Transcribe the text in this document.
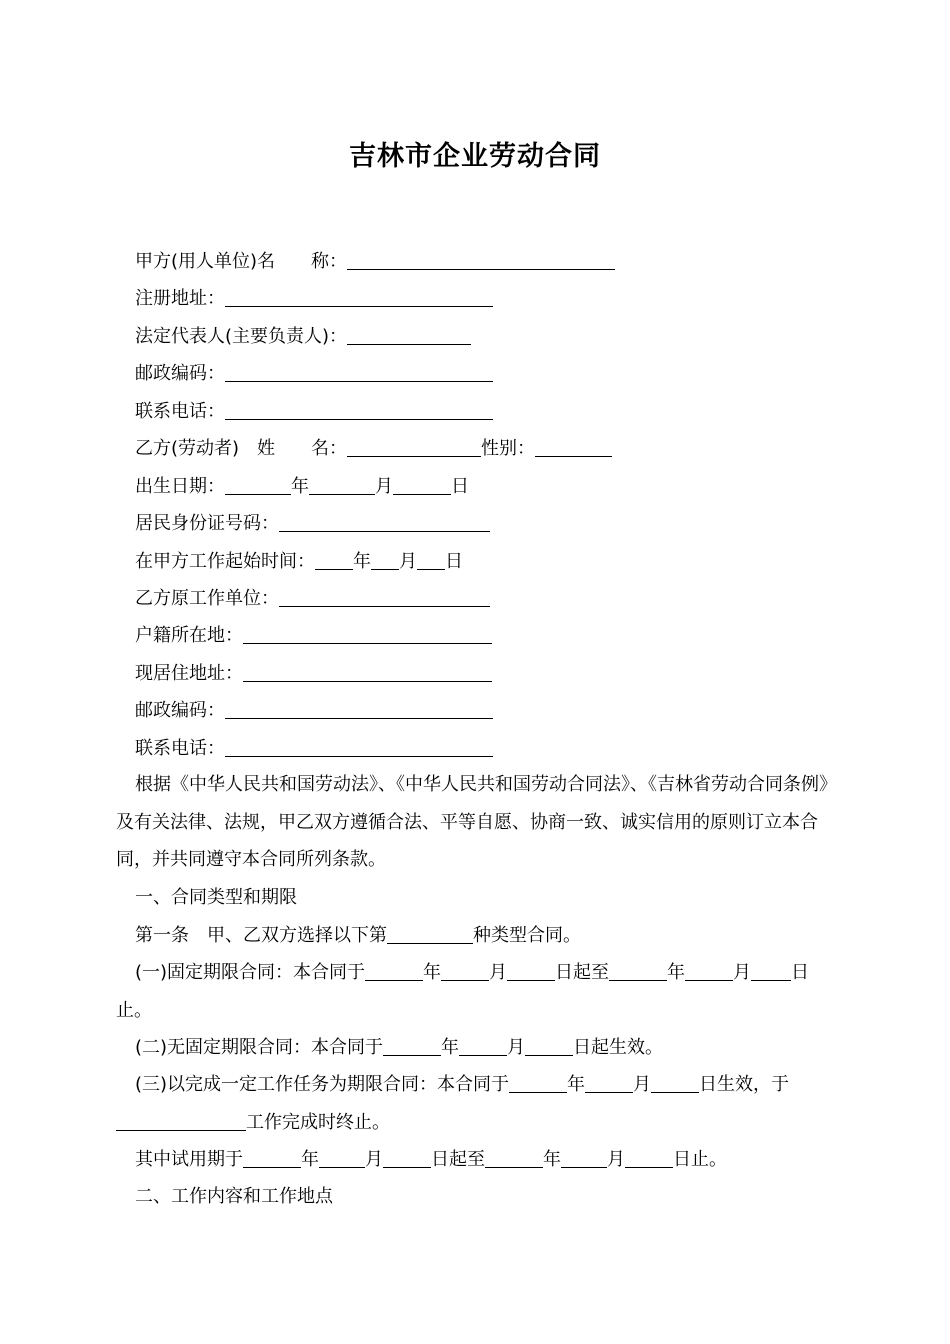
吉林市企业劳动合同
甲方(用人单位)名　　称：
注册地址：
法定代表人(主要负责人)：
邮政编码：
联系电话：
乙方(劳动者)　姓　　名：	性别：
出生日期：	年	月	日
居民身份证号码：
在甲方工作起始时间： 年 月 日
乙方原工作单位：
户籍所在地：
现居住地址：
邮政编码：
联系电话：
根据《中华人民共和国劳动法》、《中华人民共和国劳动合同法》、《吉林省劳动合同条例》及有关法律、法规，甲乙双方遵循合法、平等自愿、协商一致、诚实信用的原则订立本合同，并共同遵守本合同所列条款。
一、合同类型和期限
第一条　甲、乙双方选择以下第	种类型合同。
(一)固定期限合同：本合同于	年	月	日起至	年	月 日止。
(二)无固定期限合同：本合同于	年	月	日起生效。
(三)以完成一定工作任务为期限合同：本合同于	年	月	日生效，于工作完成时终止。
其中试用期于	年	月	日起至	年	月	日止。
二、工作内容和工作地点
